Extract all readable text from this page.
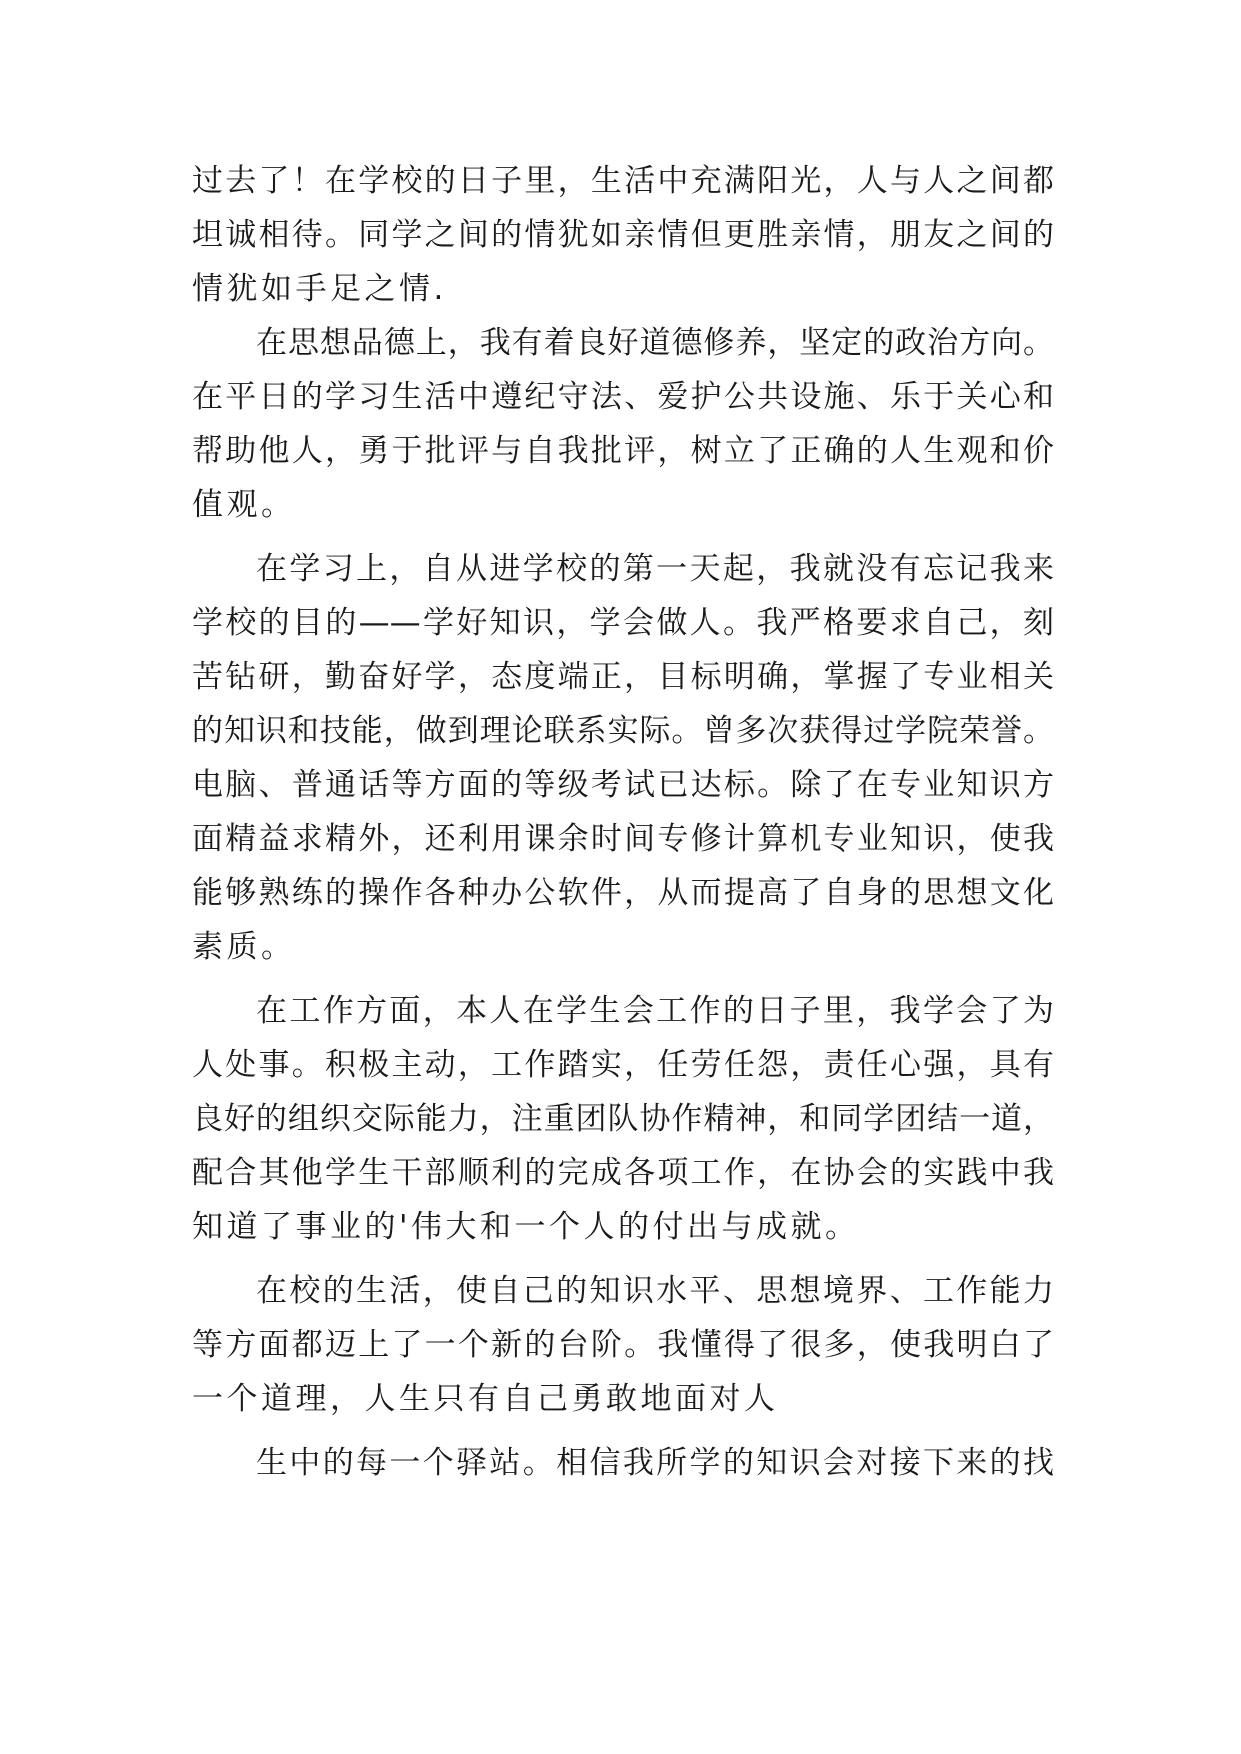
过去了！在学校的日子里，生活中充满阳光，人与人之间都
坦诚相待。同学之间的情犹如亲情但更胜亲情，朋友之间的
情犹如手足之情.
在思想品德上，我有着良好道德修养，坚定的政治方向。
在平日的学习生活中遵纪守法、爱护公共设施、乐于关心和
帮助他人，勇于批评与自我批评，树立了正确的人生观和价
值观。
在学习上，自从进学校的第一天起，我就没有忘记我来
学校的目的——学好知识，学会做人。我严格要求自己，刻
苦钻研，勤奋好学，态度端正，目标明确，掌握了专业相关
的知识和技能，做到理论联系实际。曾多次获得过学院荣誉。
电脑、普通话等方面的等级考试已达标。除了在专业知识方
面精益求精外，还利用课余时间专修计算机专业知识，使我
能够熟练的操作各种办公软件，从而提高了自身的思想文化
素质。
在工作方面，本人在学生会工作的日子里，我学会了为
人处事。积极主动，工作踏实，任劳任怨，责任心强，具有
良好的组织交际能力，注重团队协作精神，和同学团结一道，
配合其他学生干部顺利的完成各项工作，在协会的实践中我
知道了事业的'伟大和一个人的付出与成就。
在校的生活，使自己的知识水平、思想境界、工作能力
等方面都迈上了一个新的台阶。我懂得了很多，使我明白了
一个道理，人生只有自己勇敢地面对人
生中的每一个驿站。相信我所学的知识会对接下来的找
